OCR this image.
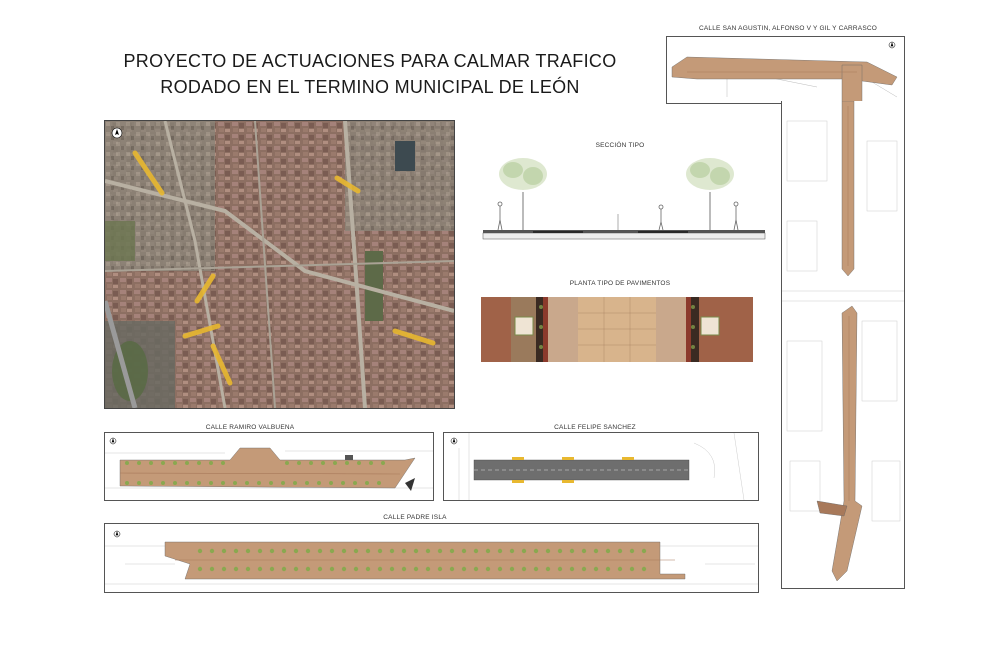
PROYECTO DE ACTUACIONES PARA CALMAR TRAFICO
RODADO EN EL TERMINO MUNICIPAL DE LEÓN
SECCIÓN TIPO
PLANTA TIPO DE PAVIMENTOS
CALLE SAN AGUSTIN, ALFONSO V Y GIL Y CARRASCO
CALLE RAMIRO VALBUENA	CALLE FELIPE SANCHEZ
CALLE PADRE ISLA
